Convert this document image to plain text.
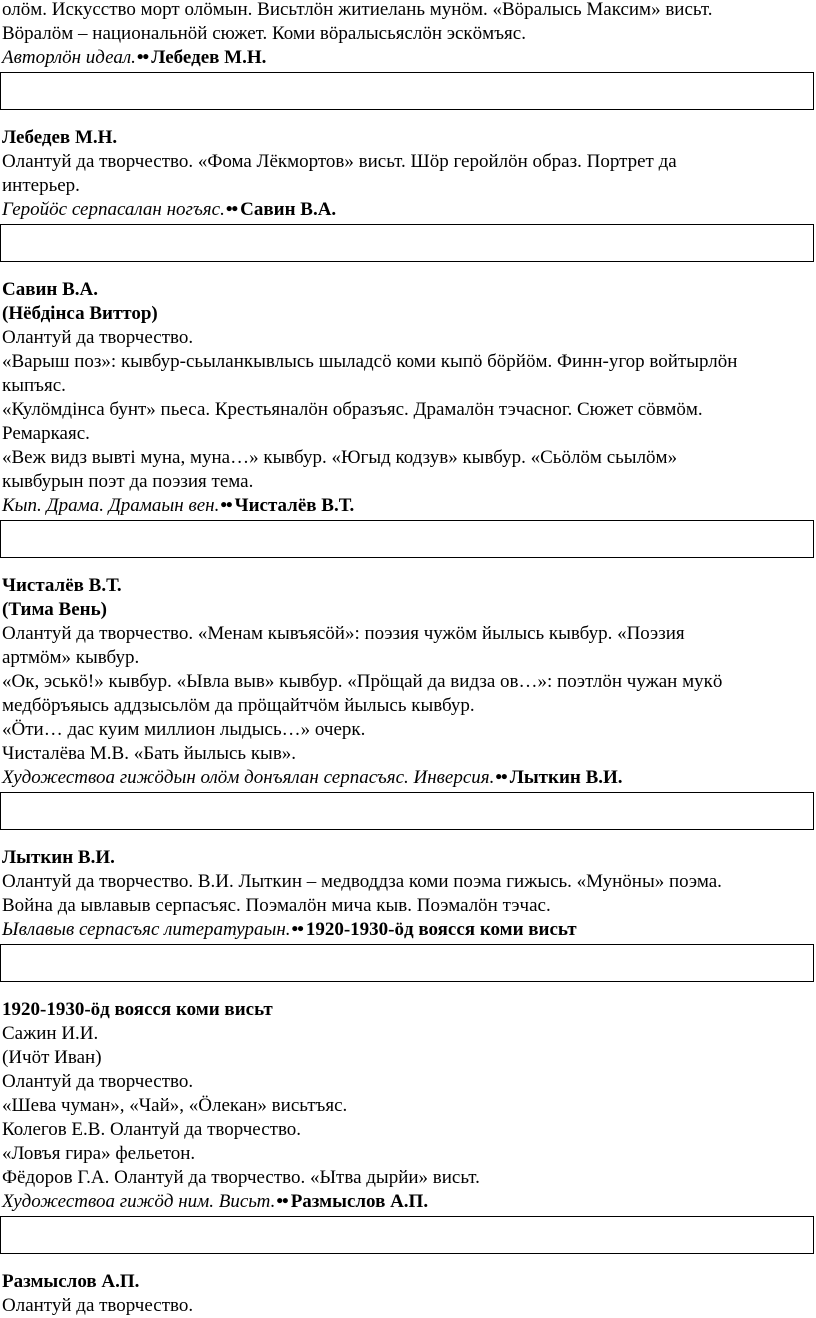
олӧм. Искусство морт олӧмын. Висьтлӧн житиелань мунӧм. «Вӧралысь Максим» висьт.
Вӧралӧм – национальнӧй сюжет. Коми вӧралысьяслӧн эскӧмъяс.
Авторлӧн идеал.•• Лебедев М.Н.
Лебедев М.Н.
Олантуй да творчество. «Фома Лёкмортов» висьт. Шӧр геройлӧн образ. Портрет да
интерьер.
Геройӧс серпасалан ногъяс.•• Савин В.А.
Савин В.А.
(Нёбдінса Виттор)
Олантуй да творчество.
«Варыш поз»: кывбур-сьыланкывлысь шыладсӧ коми кыпӧ бӧрйӧм. Финн-угор войтырлӧн
кыпъяс.
«Кулӧмдінса бунт» пьеса. Крестьяналӧн образъяс. Драмалӧн тэчасног. Сюжет сӧвмӧм.
Ремаркаяс.
«Веж видз вывті муна, муна…» кывбур. «Югыд кодзув» кывбур. «Сьӧлӧм сьылӧм»
кывбурын поэт да поэзия тема.
Кып. Драма. Драмаын вен.•• Чисталёв В.Т.
Чисталёв В.Т.
(Тима Вень)
Олантуй да творчество. «Менам кывъясӧй»: поэзия чужӧм йылысь кывбур. «Поэзия
артмӧм» кывбур.
«Ок, эськӧ!» кывбур. «Ывла выв» кывбур. «Прӧщай да видза ов…»: поэтлӧн чужан мукӧ
медбӧръяысь аддзысьлӧм да прӧщайтчӧм йылысь кывбур.
«Ӧти… дас куим миллион лыдысь…» очерк.
Чисталёва М.В. «Бать йылысь кыв».
Художествоа гижӧдын олӧм донъялан серпасъяс. Инверсия.•• Лыткин В.И.
Лыткин В.И.
Олантуй да творчество. В.И. Лыткин – медводдза коми поэма гижысь. «Мунӧны» поэма.
Война да ывлавыв серпасъяс. Поэмалӧн мича кыв. Поэмалӧн тэчас.
Ывлавыв серпасъяс литератураын.•• 1920-1930-ӧд воясся коми висьт
1920-1930-ӧд воясся коми висьт
Сажин И.И.
(Ичӧт Иван)
Олантуй да творчество.
«Шева чуман», «Чай», «Ӧлекан» висьтъяс.
Колегов Е.В. Олантуй да творчество.
«Ловъя гира» фельетон.
Фёдоров Г.А. Олантуй да творчество. «Ытва дырйи» висьт.
Художествоа гижӧд ним. Висьт.•• Размыслов А.П.
Размыслов А.П.
Олантуй да творчество.
